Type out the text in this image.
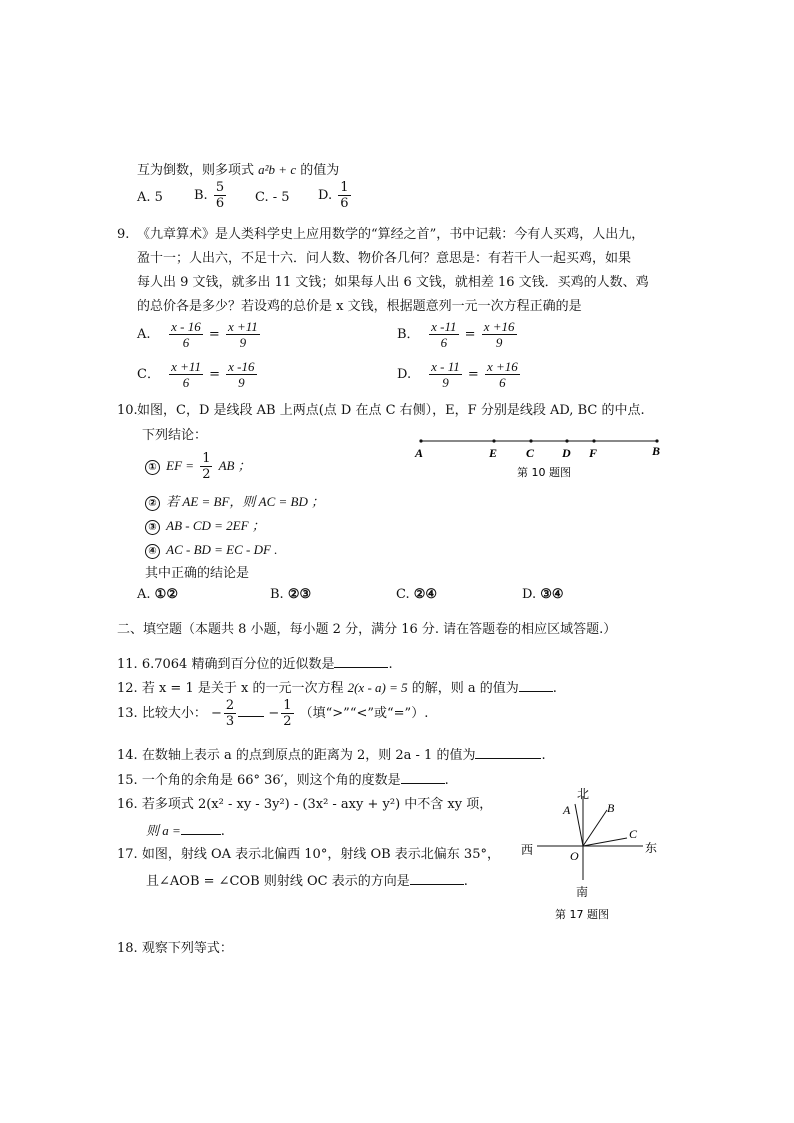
互为倒数，则多项式 a²b + c 的值为
A. 5 B. $\frac{5}{6} C$. - 5 D. $\frac{1}{6}$
9. 《九章算术》是人类科学史上应用数学的“算经之首”，书中记载：今有人买鸡，人出九，
盈十一；人出六，不足十六．问人数、物价各几何？意思是：有若干人一起买鸡，如果
每人出 9 文钱，就多出 11 文钱；如果每人出 6 文钱，就相差 16 文钱．买鸡的人数、鸡
的总价各是多少？若设鸡的总价是 x 文钱，根据题意列一元一次方程正确的是
A. $\frac{x - 16}{6} = \frac{x +11}{9}$	B． $\frac{x -11}{6} = \frac{x +16}{9}$
C． $\frac{x +11}{6} = \frac{x -16}{9}$	D. $\frac{x - 11}{9} = \frac{x +16}{6}$
10. 如图，C，D 是线段 AB 上两点(点 D 在点 C 右侧），E，F 分别是线段 AD, BC 的中点.
下列结论：
① EF = $\frac{1}{2}$ AB ；
② 若 AE = BF，则 AC = BD ；
③ AB - CD = 2EF ；
④ AC - BD = EC - DF .
其中正确的结论是
A. ①②	B. ②③	C. ②④	D. ③④
A	E C D F	B
第 10 题图
二、填空题（本题共 8 小题，每小题 2 分，满分 16 分. 请在答题卷的相应区域答题.）
11. 6.7064 精确到百分位的近似数是	.
12. 若 x = 1 是关于 x 的一元一次方程 2(x - a) = 5 的解，则 a 的值为	.
13. 比较大小： − $\frac{2}{3} - \frac{1}{2}$ （填“>”“<”或“=”）.
14. 在数轴上表示 a 的点到原点的距离为 2，则 2a - 1 的值为	.
15. 一个角的余角是 66° 36′，则这个角的度数是	.
16. 若多项式 2(x² - xy - 3y²) - (3x² - axy + y²) 中不含 xy 项，
则 a =	.
17. 如图，射线 OA 表示北偏西 10°，射线 OB 表示北偏东 35°，
且∠AOB = ∠COB 则射线 OC 表示的方向是	.
北
南
东
西
A	B
C
O
第 17 题图
18. 观察下列等式：
